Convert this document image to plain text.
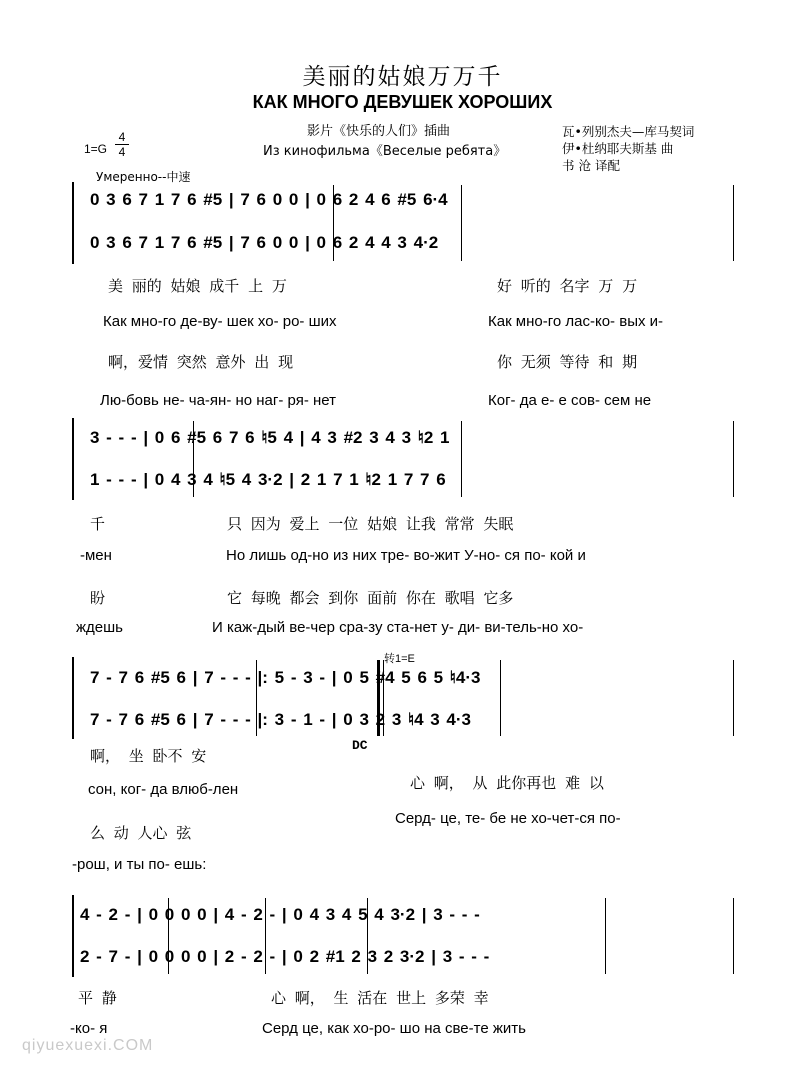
美丽的姑娘万万千
КАК МНОГО ДЕВУШЕК ХОРОШИХ
影片《快乐的人们》插曲
Из кинофильма《Веселые ребята》
1=G
4
4
Умеренно--中速
瓦•列别杰夫—库马契词
伊•杜纳耶夫斯基 曲
书 沧 译配
0 3 6 7 1 7 6 #5 | 7 6 0 0 | 0 6 2 4 6 #5 6·4
0 3 6 7 1 7 6 #5 | 7 6 0 0 | 0 6 2 4 4 3 4·2
美 丽的 姑娘 成千 上 万	好 听的 名字 万 万
Как мно-го де-ву- шек хо- ро- ших	Как мно-го лас-ко- вых и-
啊，爱情 突然 意外 出 现	你 无须 等待 和 期
Лю-бовь не- ча-ян- но наг- ря- нет	Ког- да е- е сов- сем не
3 - - - | 0 6 #5 6 7 6 ♮5 4 | 4 3 #2 3 4 3 ♮2 1
1 - - - | 0 4 3 4 ♮5 4 3·2 | 2 1 7 1 ♮2 1 7 7 6
千	只 因为 爱上 一位 姑娘 让我 常常 失眠
-мен	Но лишь од-но из них тре- во-жит У-но- ся по- кой и
盼	它 每晚 都会 到你 面前 你在 歌唱 它多
ждешь	И каж-дый ве-чер сра-зу ста-нет у- ди- ви-тель-но хо-
转1=E
7 - 7 6 #5 6 | 7 - - - |: 5 - 3 - | 0 5 #4 5 6 5 ♮4·3
7 - 7 6 #5 6 | 7 - - - |: 3 - 1 - | 0 3 2 3 ♮4 3 4·3
DC
啊， 坐 卧不 安
心 啊， 从 此你再也 难 以
сон, ког- да влюб-лен
Серд- це, те- бе не хо-чет-ся по-
么 动 人心 弦
-рош, и ты по- ешь:
4 - 2 - | 0 0 0 0 | 4 - 2 - | 0 4 3 4 5 4 3·2 | 3 - - -
2 - 7 - | 0 0 0 0 | 2 - 2 - | 0 2 #1 2 3 2 3·2 | 3 - - -
平 静	心 啊， 生 活在 世上 多荣 幸
-ко- я	Серд це, как хо-ро- шо на све-те жить
qiyuexuexi.COM
